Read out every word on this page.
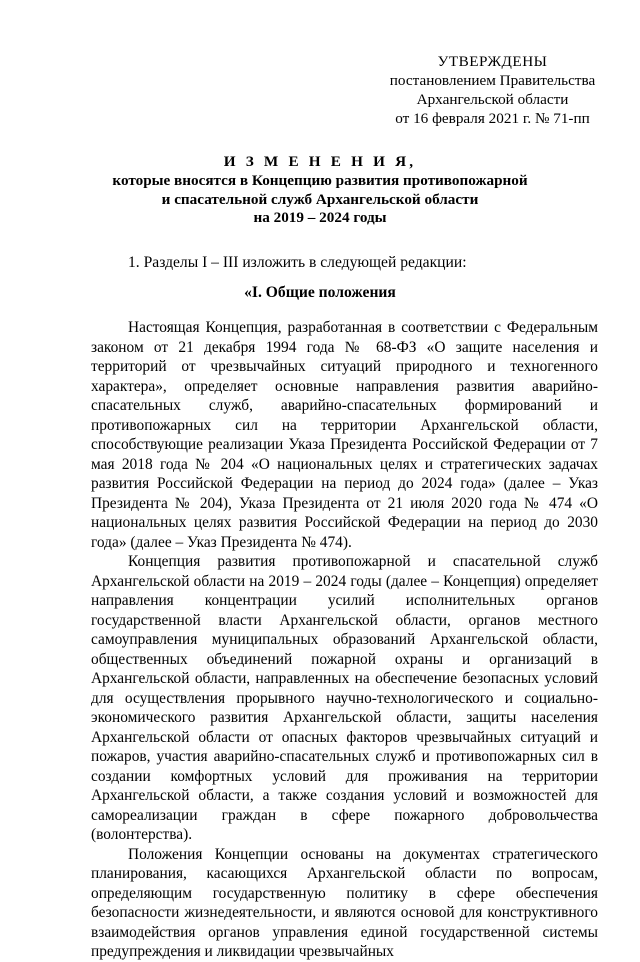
УТВЕРЖДЕНЫ
постановлением Правительства
Архангельской области
от 16 февраля 2021 г. № 71-пп
И З М Е Н Е Н И Я,
которые вносятся в Концепцию развития противопожарной
и спасательной служб Архангельской области
на 2019 – 2024 годы
1. Разделы I – III изложить в следующей редакции:
«I. Общие положения

Настоящая Концепция, разработанная в соответствии с Федеральным законом от 21 декабря 1994 года № 68-ФЗ «О защите населения и территорий от чрезвычайных ситуаций природного и техногенного характера», определяет основные направления развития аварийно-спасательных служб, аварийно-спасательных формирований и противопожарных сил на территории Архангельской области, способствующие реализации Указа Президента Российской Федерации от 7 мая 2018 года № 204 «О национальных целях и стратегических задачах развития Российской Федерации на период до 2024 года» (далее – Указ Президента № 204), Указа Президента от 21 июля 2020 года № 474 «О национальных целях развития Российской Федерации на период до 2030 года» (далее – Указ Президента № 474).

Концепция развития противопожарной и спасательной служб Архангельской области на 2019 – 2024 годы (далее – Концепция) определяет направления концентрации усилий исполнительных органов государственной власти Архангельской области, органов местного самоуправления муниципальных образований Архангельской области, общественных объединений пожарной охраны и организаций в Архангельской области, направленных на обеспечение безопасных условий для осуществления прорывного научно-технологического и социально-экономического развития Архангельской области, защиты населения Архангельской области от опасных факторов чрезвычайных ситуаций и пожаров, участия аварийно-спасательных служб и противопожарных сил в создании комфортных условий для проживания на территории Архангельской области, а также создания условий и возможностей для самореализации граждан в сфере пожарного добровольчества (волонтерства).

Положения Концепции основаны на документах стратегического планирования, касающихся Архангельской области по вопросам, определяющим государственную политику в сфере обеспечения безопасности жизнедеятельности, и являются основой для конструктивного взаимодействия органов управления единой государственной системы предупреждения и ликвидации чрезвычайных
